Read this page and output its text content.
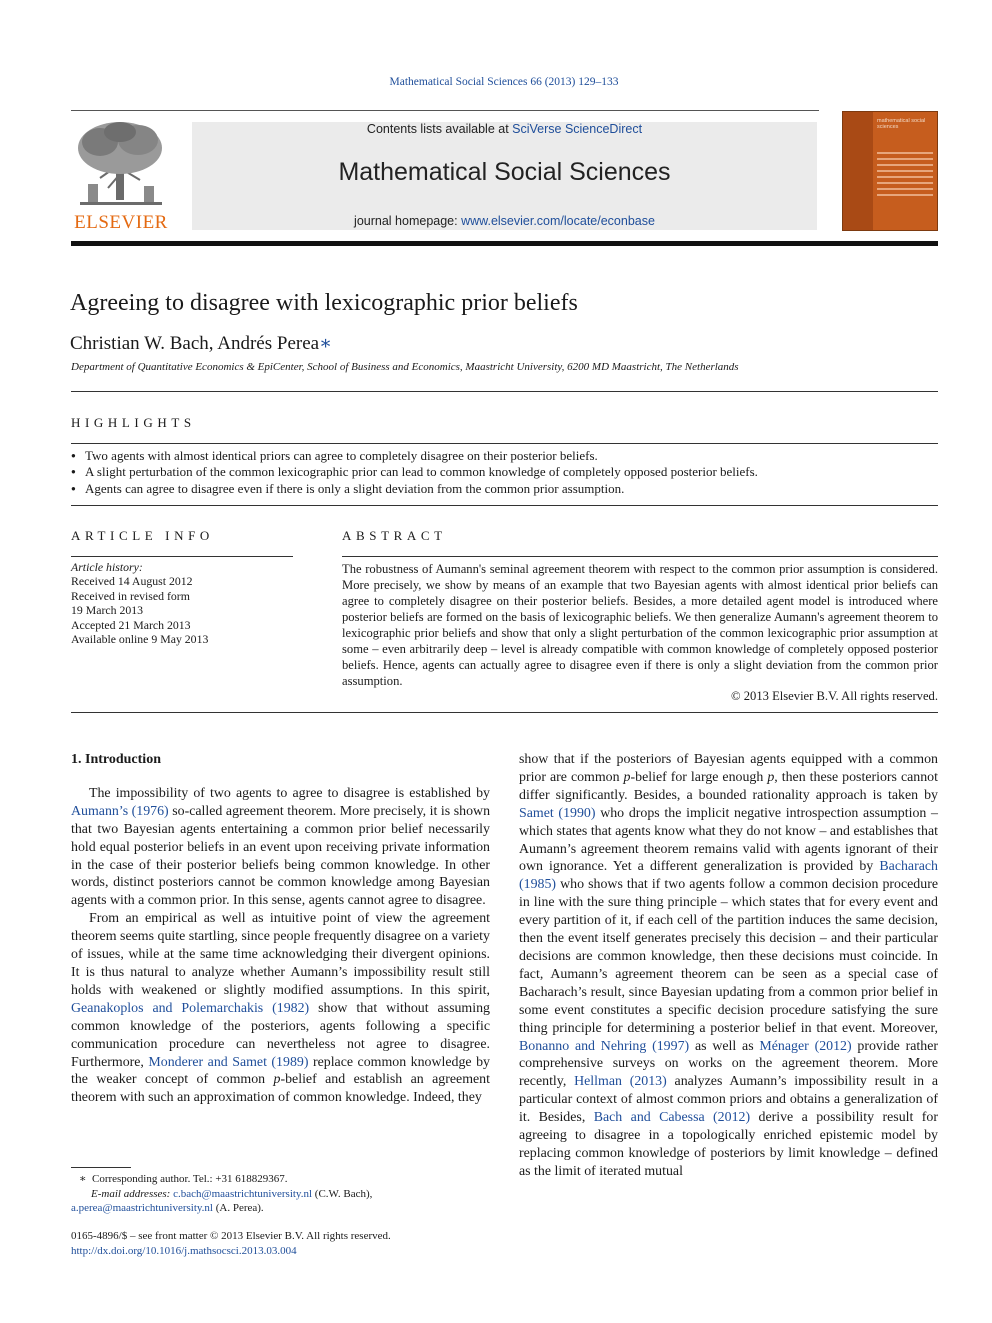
Mathematical Social Sciences 66 (2013) 129–133
ELSEVIER
Contents lists available at SciVerse ScienceDirect
Mathematical Social Sciences
journal homepage: www.elsevier.com/locate/econbase
mathematical social sciences
Agreeing to disagree with lexicographic prior beliefs
Christian W. Bach, Andrés Perea∗
Department of Quantitative Economics & EpiCenter, School of Business and Economics, Maastricht University, 6200 MD Maastricht, The Netherlands
HIGHLIGHTS
● Two agents with almost identical priors can agree to completely disagree on their posterior beliefs.
● A slight perturbation of the common lexicographic prior can lead to common knowledge of completely opposed posterior beliefs.
● Agents can agree to disagree even if there is only a slight deviation from the common prior assumption.
ARTICLE INFO
Article history:
Received 14 August 2012
Received in revised form
19 March 2013
Accepted 21 March 2013
Available online 9 May 2013
ABSTRACT
The robustness of Aumann's seminal agreement theorem with respect to the common prior assumption is considered. More precisely, we show by means of an example that two Bayesian agents with almost identical prior beliefs can agree to completely disagree on their posterior beliefs. Besides, a more detailed agent model is introduced where posterior beliefs are formed on the basis of lexicographic beliefs. We then generalize Aumann's agreement theorem to lexicographic prior beliefs and show that only a slight perturbation of the common lexicographic prior assumption at some – even arbitrarily deep – level is already compatible with common knowledge of completely opposed posterior beliefs. Hence, agents can actually agree to disagree even if there is only a slight deviation from the common prior assumption.
© 2013 Elsevier B.V. All rights reserved.

1. Introduction

The impossibility of two agents to agree to disagree is established by Aumann’s (1976) so-called agreement theorem. More precisely, it is shown that two Bayesian agents entertaining a common prior belief necessarily hold equal posterior beliefs in an event upon receiving private information in the case of their posterior beliefs being common knowledge. In other words, distinct posteriors cannot be common knowledge among Bayesian agents with a common prior. In this sense, agents cannot agree to disagree.

From an empirical as well as intuitive point of view the agreement theorem seems quite startling, since people frequently disagree on a variety of issues, while at the same time acknowledging their divergent opinions. It is thus natural to analyze whether Aumann’s impossibility result still holds with weakened or slightly modified assumptions. In this spirit, Geanakoplos and Polemarchakis (1982) show that without assuming common knowledge of the posteriors, agents following a specific communication procedure can nevertheless not agree to disagree. Furthermore, Monderer and Samet (1989) replace common knowledge by the weaker concept of common p-belief and establish an agreement theorem with such an approximation of common knowledge. Indeed, they

show that if the posteriors of Bayesian agents equipped with a common prior are common p-belief for large enough p, then these posteriors cannot differ significantly. Besides, a bounded rationality approach is taken by Samet (1990) who drops the implicit negative introspection assumption – which states that agents know what they do not know – and establishes that Aumann’s agreement theorem remains valid with agents ignorant of their own ignorance. Yet a different generalization is provided by Bacharach (1985) who shows that if two agents follow a common decision procedure in line with the sure thing principle – which states that for every event and every partition of it, if each cell of the partition induces the same decision, then the event itself generates precisely this decision – and their particular decisions are common knowledge, then these decisions must coincide. In fact, Aumann’s agreement theorem can be seen as a special case of Bacharach’s result, since Bayesian updating from a common prior belief in some event constitutes a specific decision procedure satisfying the sure thing principle for determining a posterior belief in that event. Moreover, Bonanno and Nehring (1997) as well as Ménager (2012) provide rather comprehensive surveys on works on the agreement theorem. More recently, Hellman (2013) analyzes Aumann’s impossibility result in a particular context of almost common priors and obtains a generalization of it. Besides, Bach and Cabessa (2012) derive a possibility result for agreeing to disagree in a topologically enriched epistemic model by replacing common knowledge of posteriors by limit knowledge – defined as the limit of iterated mutual

∗ Corresponding author. Tel.: +31 618829367.
E-mail addresses: c.bach@maastrichtuniversity.nl (C.W. Bach),
a.perea@maastrichtuniversity.nl (A. Perea).
0165-4896/$ – see front matter © 2013 Elsevier B.V. All rights reserved.
http://dx.doi.org/10.1016/j.mathsocsci.2013.03.004
